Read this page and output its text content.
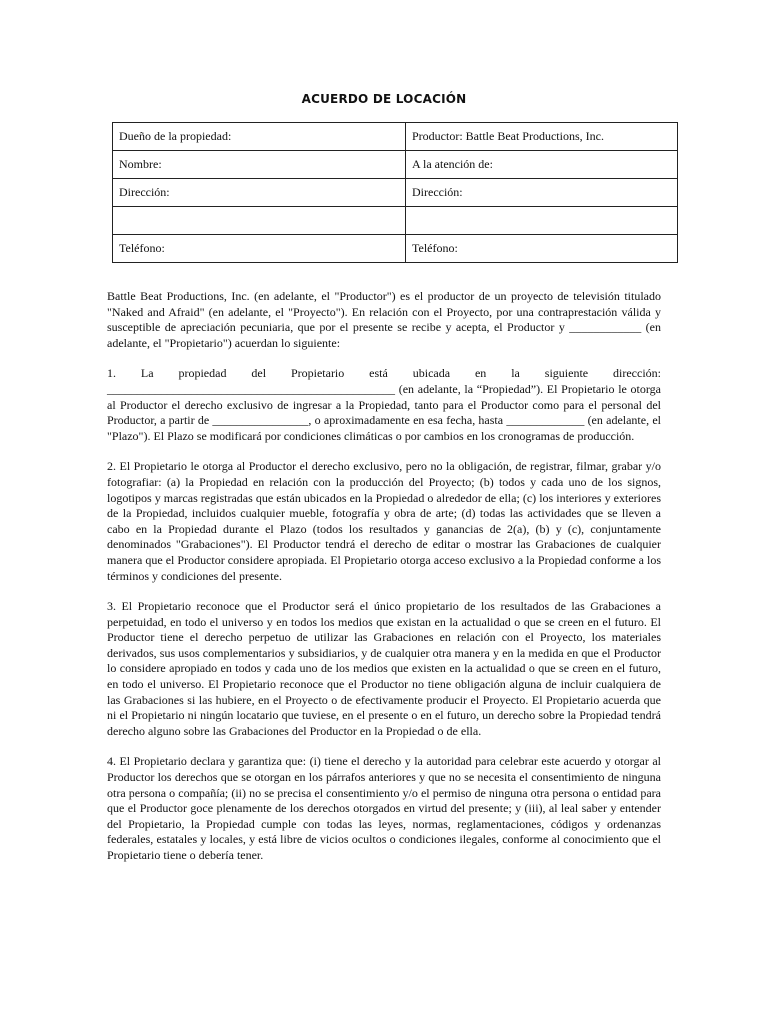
ACUERDO DE LOCACIÓN
Dueño de la propiedad:	Productor: Battle Beat Productions, Inc.
Nombre:	A la atención de:
Dirección:	Dirección:

Teléfono:	Teléfono:

Battle Beat Productions, Inc. (en adelante, el "Productor") es el productor de un proyecto de televisión titulado "Naked and Afraid" (en adelante, el "Proyecto"). En relación con el Proyecto, por una contraprestación válida y susceptible de apreciación pecuniaria, que por el presente se recibe y acepta, el Productor y ____________ (en adelante, el "Propietario") acuerdan lo siguiente:

1. La propiedad del Propietario está ubicada en la siguiente dirección: ________________________________________________ (en adelante, la “Propiedad”). El Propietario le otorga al Productor el derecho exclusivo de ingresar a la Propiedad, tanto para el Productor como para el personal del Productor, a partir de ________________, o aproximadamente en esa fecha, hasta _____________ (en adelante, el "Plazo"). El Plazo se modificará por condiciones climáticas o por cambios en los cronogramas de producción.

2. El Propietario le otorga al Productor el derecho exclusivo, pero no la obligación, de registrar, filmar, grabar y/o fotografiar: (a) la Propiedad en relación con la producción del Proyecto; (b) todos y cada uno de los signos, logotipos y marcas registradas que están ubicados en la Propiedad o alrededor de ella; (c) los interiores y exteriores de la Propiedad, incluidos cualquier mueble, fotografía y obra de arte; (d) todas las actividades que se lleven a cabo en la Propiedad durante el Plazo (todos los resultados y ganancias de 2(a), (b) y (c), conjuntamente denominados "Grabaciones"). El Productor tendrá el derecho de editar o mostrar las Grabaciones de cualquier manera que el Productor considere apropiada. El Propietario otorga acceso exclusivo a la Propiedad conforme a los términos y condiciones del presente.

3. El Propietario reconoce que el Productor será el único propietario de los resultados de las Grabaciones a perpetuidad, en todo el universo y en todos los medios que existan en la actualidad o que se creen en el futuro. El Productor tiene el derecho perpetuo de utilizar las Grabaciones en relación con el Proyecto, los materiales derivados, sus usos complementarios y subsidiarios, y de cualquier otra manera y en la medida en que el Productor lo considere apropiado en todos y cada uno de los medios que existen en la actualidad o que se creen en el futuro, en todo el universo. El Propietario reconoce que el Productor no tiene obligación alguna de incluir cualquiera de las Grabaciones si las hubiere, en el Proyecto o de efectivamente producir el Proyecto. El Propietario acuerda que ni el Propietario ni ningún locatario que tuviese, en el presente o en el futuro, un derecho sobre la Propiedad tendrá derecho alguno sobre las Grabaciones del Productor en la Propiedad o de ella.

4. El Propietario declara y garantiza que: (i) tiene el derecho y la autoridad para celebrar este acuerdo y otorgar al Productor los derechos que se otorgan en los párrafos anteriores y que no se necesita el consentimiento de ninguna otra persona o compañía; (ii) no se precisa el consentimiento y/o el permiso de ninguna otra persona o entidad para que el Productor goce plenamente de los derechos otorgados en virtud del presente; y (iii), al leal saber y entender del Propietario, la Propiedad cumple con todas las leyes, normas, reglamentaciones, códigos y ordenanzas federales, estatales y locales, y está libre de vicios ocultos o condiciones ilegales, conforme al conocimiento que el Propietario tiene o debería tener.
